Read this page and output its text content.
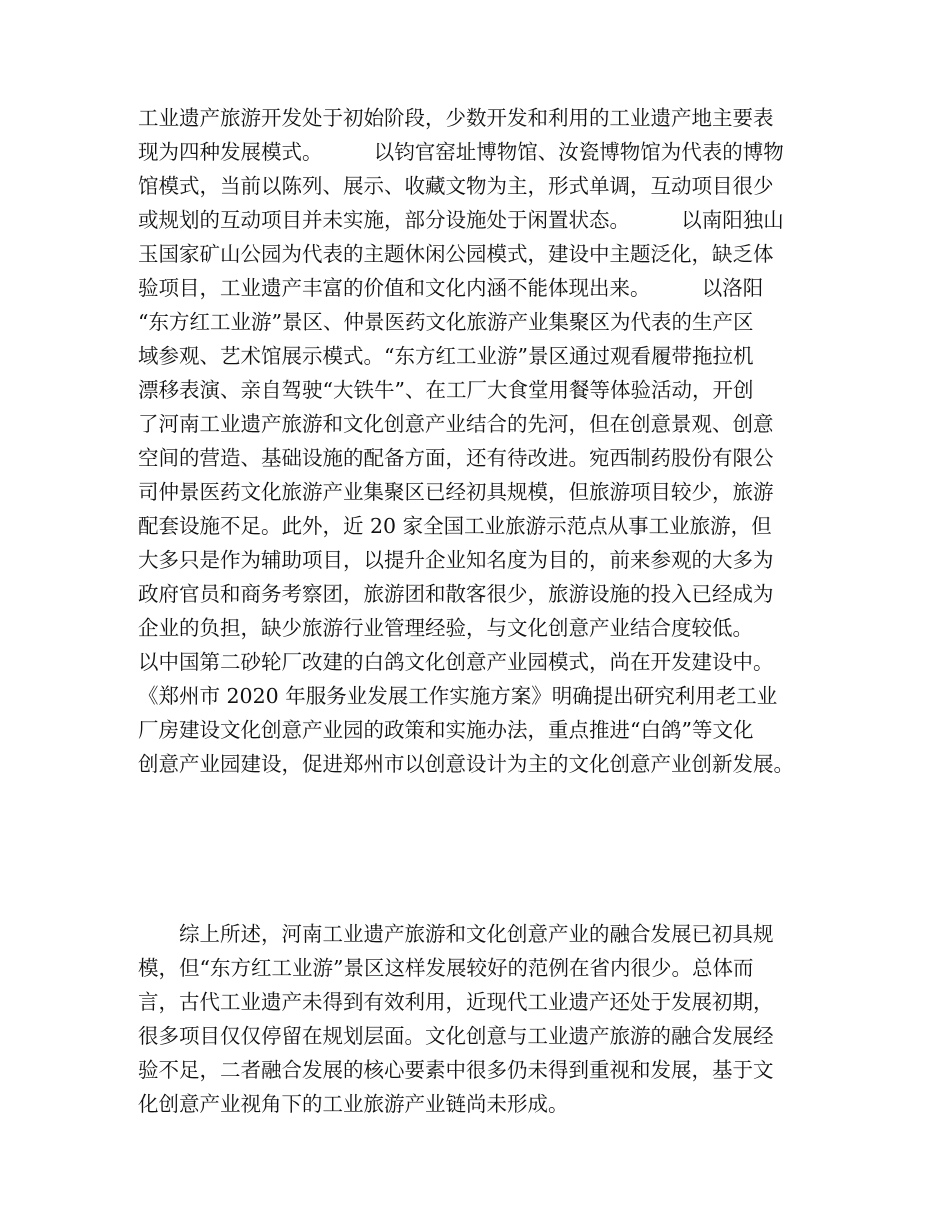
工业遗产旅游开发处于初始阶段，少数开发和利用的工业遗产地主要表
现为四种发展模式。　　　以钧官窑址博物馆、汝瓷博物馆为代表的博物
馆模式，当前以陈列、展示、收藏文物为主，形式单调，互动项目很少
或规划的互动项目并未实施，部分设施处于闲置状态。　　　以南阳独山
玉国家矿山公园为代表的主题休闲公园模式，建设中主题泛化，缺乏体
验项目，工业遗产丰富的价值和文化内涵不能体现出来。　　　以洛阳
“东方红工业游”景区、仲景医药文化旅游产业集聚区为代表的生产区
域参观、艺术馆展示模式。“东方红工业游”景区通过观看履带拖拉机
漂移表演、亲自驾驶“大铁牛”、在工厂大食堂用餐等体验活动，开创
了河南工业遗产旅游和文化创意产业结合的先河，但在创意景观、创意
空间的营造、基础设施的配备方面，还有待改进。宛西制药股份有限公
司仲景医药文化旅游产业集聚区已经初具规模，但旅游项目较少，旅游
配套设施不足。此外，近 20 家全国工业旅游示范点从事工业旅游，但
大多只是作为辅助项目，以提升企业知名度为目的，前来参观的大多为
政府官员和商务考察团，旅游团和散客很少，旅游设施的投入已经成为
企业的负担，缺少旅游行业管理经验，与文化创意产业结合度较低。
以中国第二砂轮厂改建的白鸽文化创意产业园模式，尚在开发建设中。
《郑州市 2020 年服务业发展工作实施方案》明确提出研究利用老工业
厂房建设文化创意产业园的政策和实施办法，重点推进“白鸽”等文化
创意产业园建设，促进郑州市以创意设计为主的文化创意产业创新发展。
　　综上所述，河南工业遗产旅游和文化创意产业的融合发展已初具规
模，但“东方红工业游”景区这样发展较好的范例在省内很少。总体而
言，古代工业遗产未得到有效利用，近现代工业遗产还处于发展初期，
很多项目仅仅停留在规划层面。文化创意与工业遗产旅游的融合发展经
验不足，二者融合发展的核心要素中很多仍未得到重视和发展，基于文
化创意产业视角下的工业旅游产业链尚未形成。
